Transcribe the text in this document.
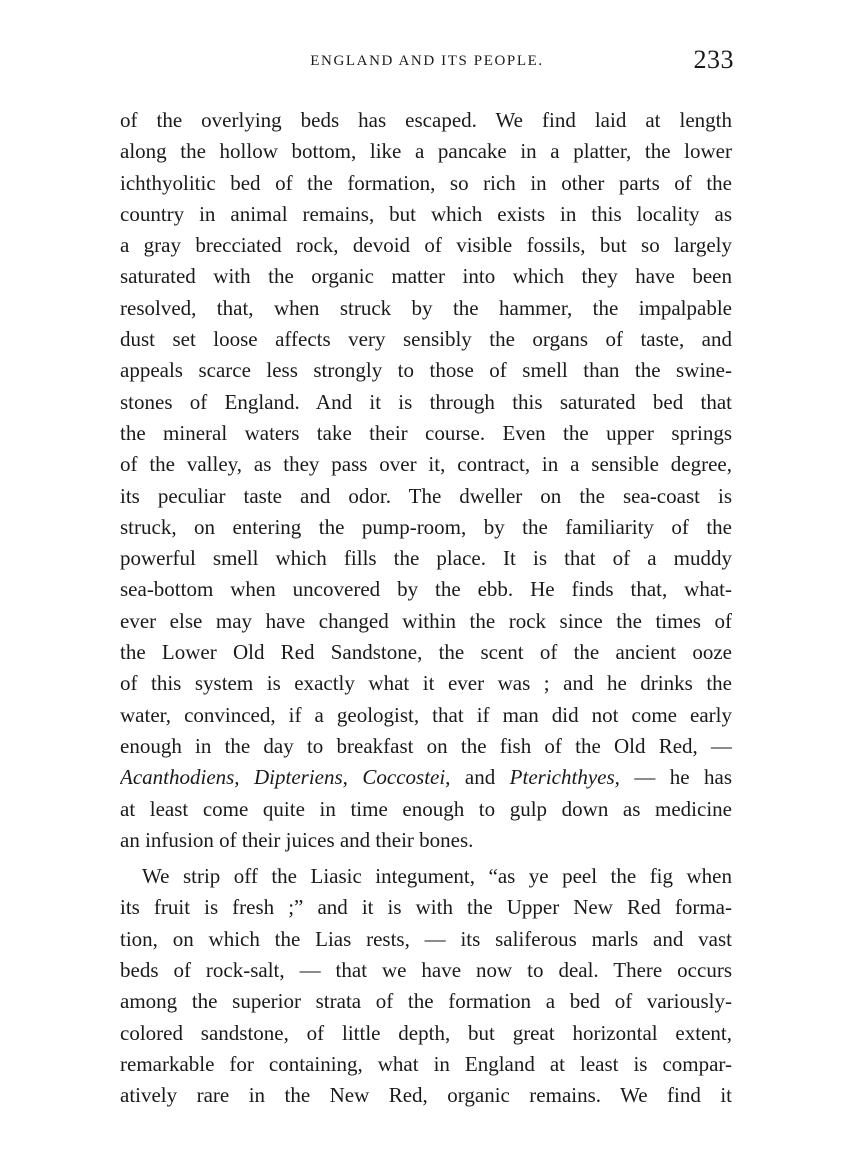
ENGLAND AND ITS PEOPLE.	233
of the overlying beds has escaped. We find laid at length
along the hollow bottom, like a pancake in a platter, the lower
ichthyolitic bed of the formation, so rich in other parts of the
country in animal remains, but which exists in this locality as
a gray brecciated rock, devoid of visible fossils, but so largely
saturated with the organic matter into which they have been
resolved, that, when struck by the hammer, the impalpable
dust set loose affects very sensibly the organs of taste, and
appeals scarce less strongly to those of smell than the swine-
stones of England. And it is through this saturated bed that
the mineral waters take their course. Even the upper springs
of the valley, as they pass over it, contract, in a sensible degree,
its peculiar taste and odor. The dweller on the sea-coast is
struck, on entering the pump-room, by the familiarity of the
powerful smell which fills the place. It is that of a muddy
sea-bottom when uncovered by the ebb. He finds that, what-
ever else may have changed within the rock since the times of
the Lower Old Red Sandstone, the scent of the ancient ooze
of this system is exactly what it ever was ; and he drinks the
water, convinced, if a geologist, that if man did not come early
enough in the day to breakfast on the fish of the Old Red, —
Acanthodiens, Dipteriens, Coccostei, and Pterichthyes, — he has
at least come quite in time enough to gulp down as medicine
an infusion of their juices and their bones.
We strip off the Liasic integument, “as ye peel the fig when
its fruit is fresh ;” and it is with the Upper New Red forma-
tion, on which the Lias rests, — its saliferous marls and vast
beds of rock-salt, — that we have now to deal. There occurs
among the superior strata of the formation a bed of variously-
colored sandstone, of little depth, but great horizontal extent,
remarkable for containing, what in England at least is compar-
atively rare in the New Red, organic remains. We find it
